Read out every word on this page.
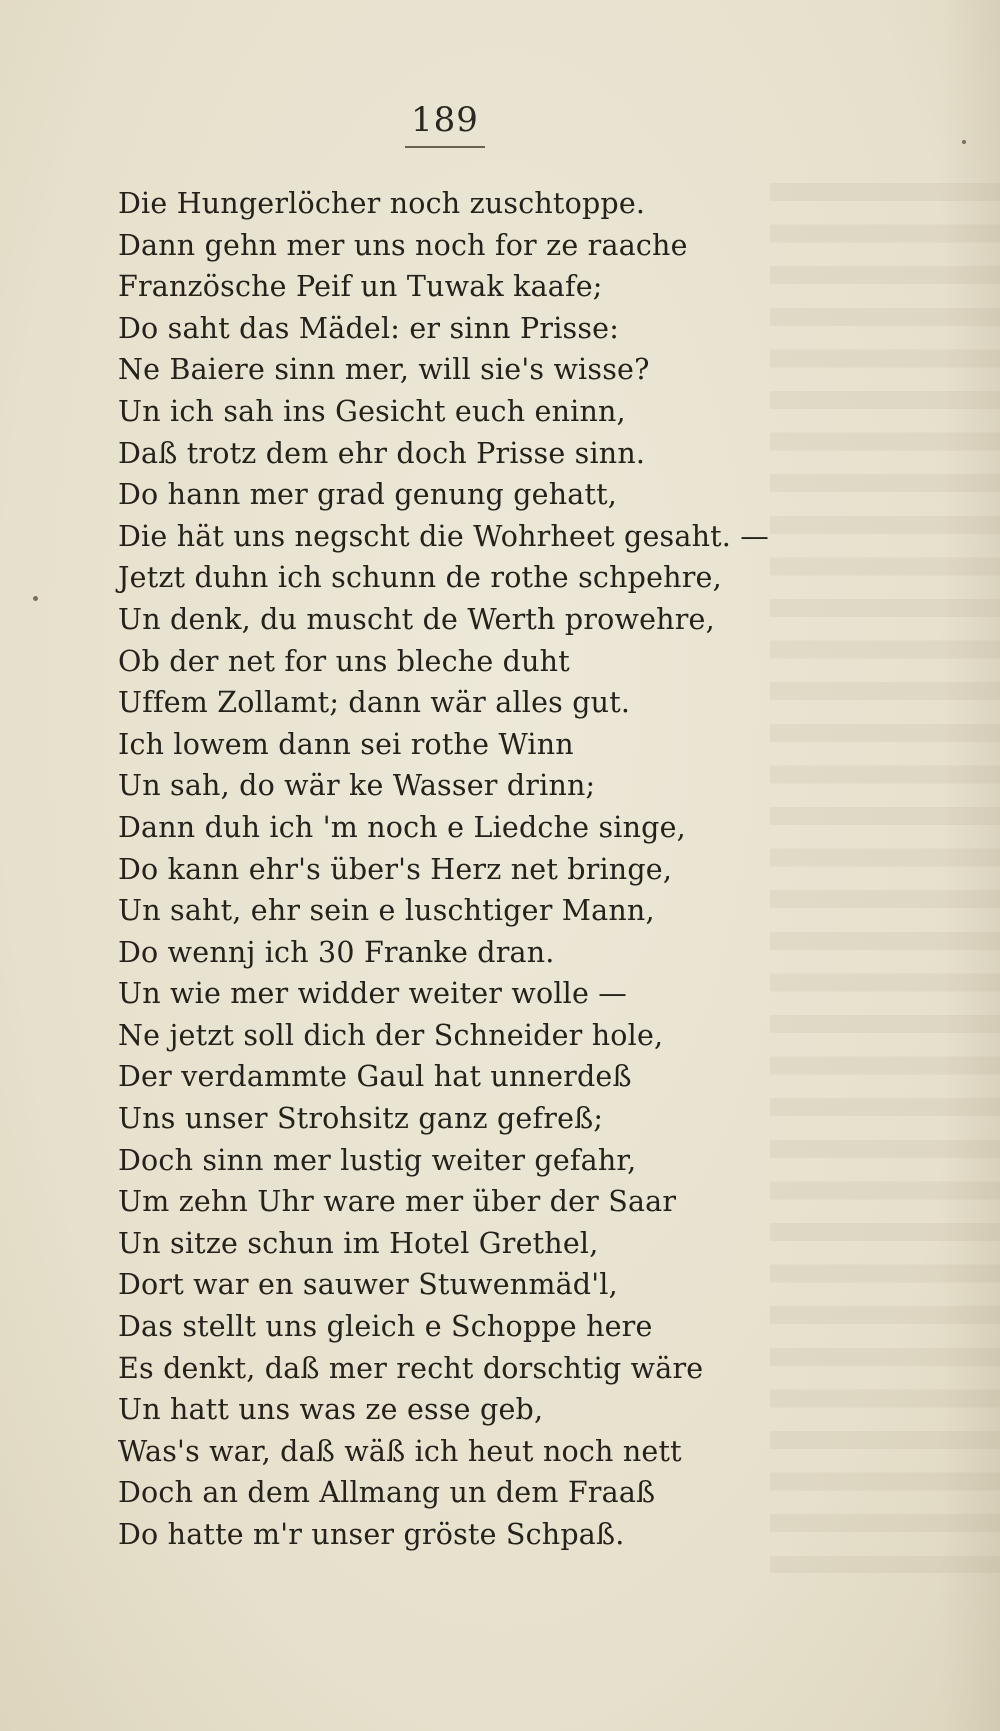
189
Die Hungerlöcher noch zuschtoppe.
Dann gehn mer uns noch for ze raache
Französche Peif un Tuwak kaafe;
Do saht das Mädel: er sinn Prisse:
Ne Baiere sinn mer, will sie's wisse?
Un ich sah ins Gesicht euch eninn,
Daß trotz dem ehr doch Prisse sinn.
Do hann mer grad genung gehatt,
Die hät uns negscht die Wohrheet gesaht. —
Jetzt duhn ich schunn de rothe schpehre,
Un denk, du muscht de Werth prowehre,
Ob der net for uns bleche duht
Uffem Zollamt; dann wär alles gut.
Ich lowem dann sei rothe Winn
Un sah, do wär ke Wasser drinn;
Dann duh ich 'm noch e Liedche singe,
Do kann ehr's über's Herz net bringe,
Un saht, ehr sein e luschtiger Mann,
Do wennj ich 30 Franke dran.
Un wie mer widder weiter wolle —
Ne jetzt soll dich der Schneider hole,
Der verdammte Gaul hat unnerdeß
Uns unser Strohsitz ganz gefreß;
Doch sinn mer lustig weiter gefahr,
Um zehn Uhr ware mer über der Saar
Un sitze schun im Hotel Grethel,
Dort war en sauwer Stuwenmäd'l,
Das stellt uns gleich e Schoppe here
Es denkt, daß mer recht dorschtig wäre
Un hatt uns was ze esse geb,
Was's war, daß wäß ich heut noch nett
Doch an dem Allmang un dem Fraaß
Do hatte m'r unser gröste Schpaß.
